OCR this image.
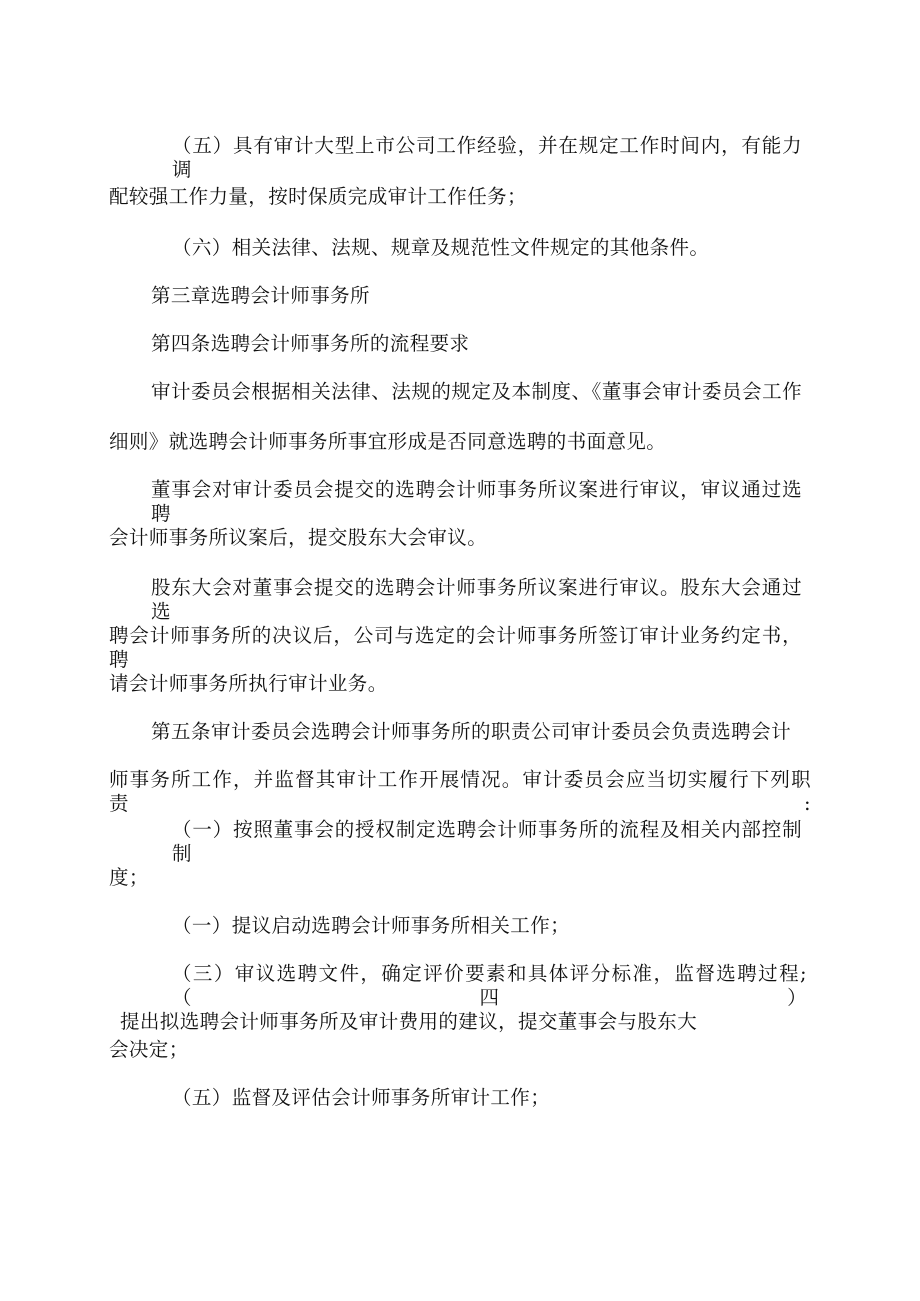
（五）具有审计大型上市公司工作经验，并在规定工作时间内，有能力调
配较强工作力量，按时保质完成审计工作任务；
（六）相关法律、法规、规章及规范性文件规定的其他条件。
第三章选聘会计师事务所
第四条选聘会计师事务所的流程要求
审计委员会根据相关法律、法规的规定及本制度、《董事会审计委员会工作
细则》就选聘会计师事务所事宜形成是否同意选聘的书面意见。
董事会对审计委员会提交的选聘会计师事务所议案进行审议，审议通过选聘
会计师事务所议案后，提交股东大会审议。
股东大会对董事会提交的选聘会计师事务所议案进行审议。股东大会通过选
聘会计师事务所的决议后，公司与选定的会计师事务所签订审计业务约定书，聘
请会计师事务所执行审计业务。
第五条审计委员会选聘会计师事务所的职责公司审计委员会负责选聘会计
师事务所工作，并监督其审计工作开展情况。审计委员会应当切实履行下列职责:
（一）按照董事会的授权制定选聘会计师事务所的流程及相关内部控制制
度；
（一）提议启动选聘会计师事务所相关工作；
（三）审议选聘文件，确定评价要素和具体评分标准，监督选聘过程;（四）
提出拟选聘会计师事务所及审计费用的建议，提交董事会与股东大
会决定；
（五）监督及评估会计师事务所审计工作；
